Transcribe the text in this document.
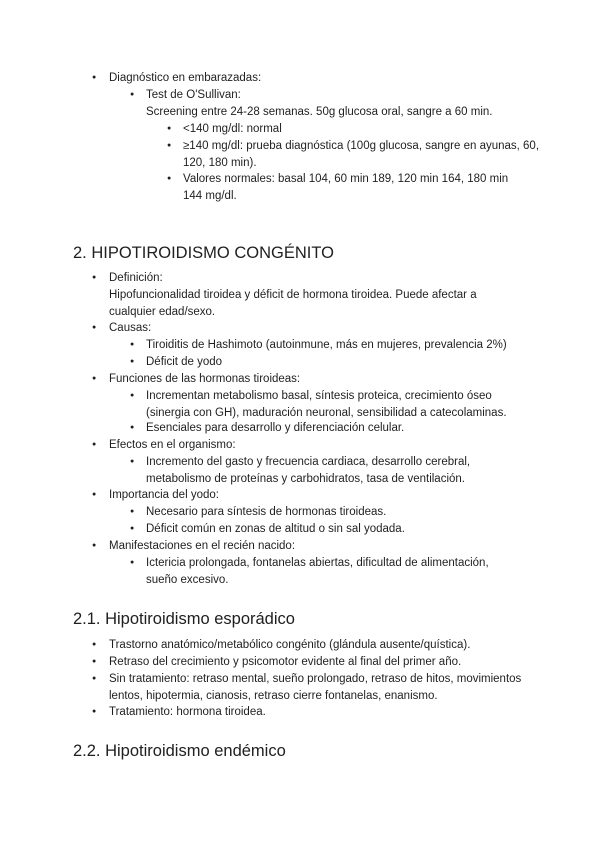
● Diagnóstico en embarazadas:
● Test de O'Sullivan:
Screening entre 24-28 semanas. 50g glucosa oral, sangre a 60 min.
● <140 mg/dl: normal
● ≥140 mg/dl: prueba diagnóstica (100g glucosa, sangre en ayunas, 60, 120, 180 min).
● Valores normales: basal 104, 60 min 189, 120 min 164, 180 min 144 mg/dl.
2. HIPOTIROIDISMO CONGÉNITO
● Definición:
Hipofuncionalidad tiroidea y déficit de hormona tiroidea. Puede afectar a cualquier edad/sexo.
● Causas:
● Tiroiditis de Hashimoto (autoinmune, más en mujeres, prevalencia 2%)
● Déficit de yodo
● Funciones de las hormonas tiroideas:
● Incrementan metabolismo basal, síntesis proteica, crecimiento óseo (sinergia con GH), maduración neuronal, sensibilidad a catecolaminas.
● Esenciales para desarrollo y diferenciación celular.
● Efectos en el organismo:
● Incremento del gasto y frecuencia cardiaca, desarrollo cerebral, metabolismo de proteínas y carbohidratos, tasa de ventilación.
● Importancia del yodo:
● Necesario para síntesis de hormonas tiroideas.
● Déficit común en zonas de altitud o sin sal yodada.
● Manifestaciones en el recién nacido:
● Ictericia prolongada, fontanelas abiertas, dificultad de alimentación, sueño excesivo.
2.1. Hipotiroidismo esporádico
● Trastorno anatómico/metabólico congénito (glándula ausente/quística).
● Retraso del crecimiento y psicomotor evidente al final del primer año.
● Sin tratamiento: retraso mental, sueño prolongado, retraso de hitos, movimientos lentos, hipotermia, cianosis, retraso cierre fontanelas, enanismo.
● Tratamiento: hormona tiroidea.
2.2. Hipotiroidismo endémico
